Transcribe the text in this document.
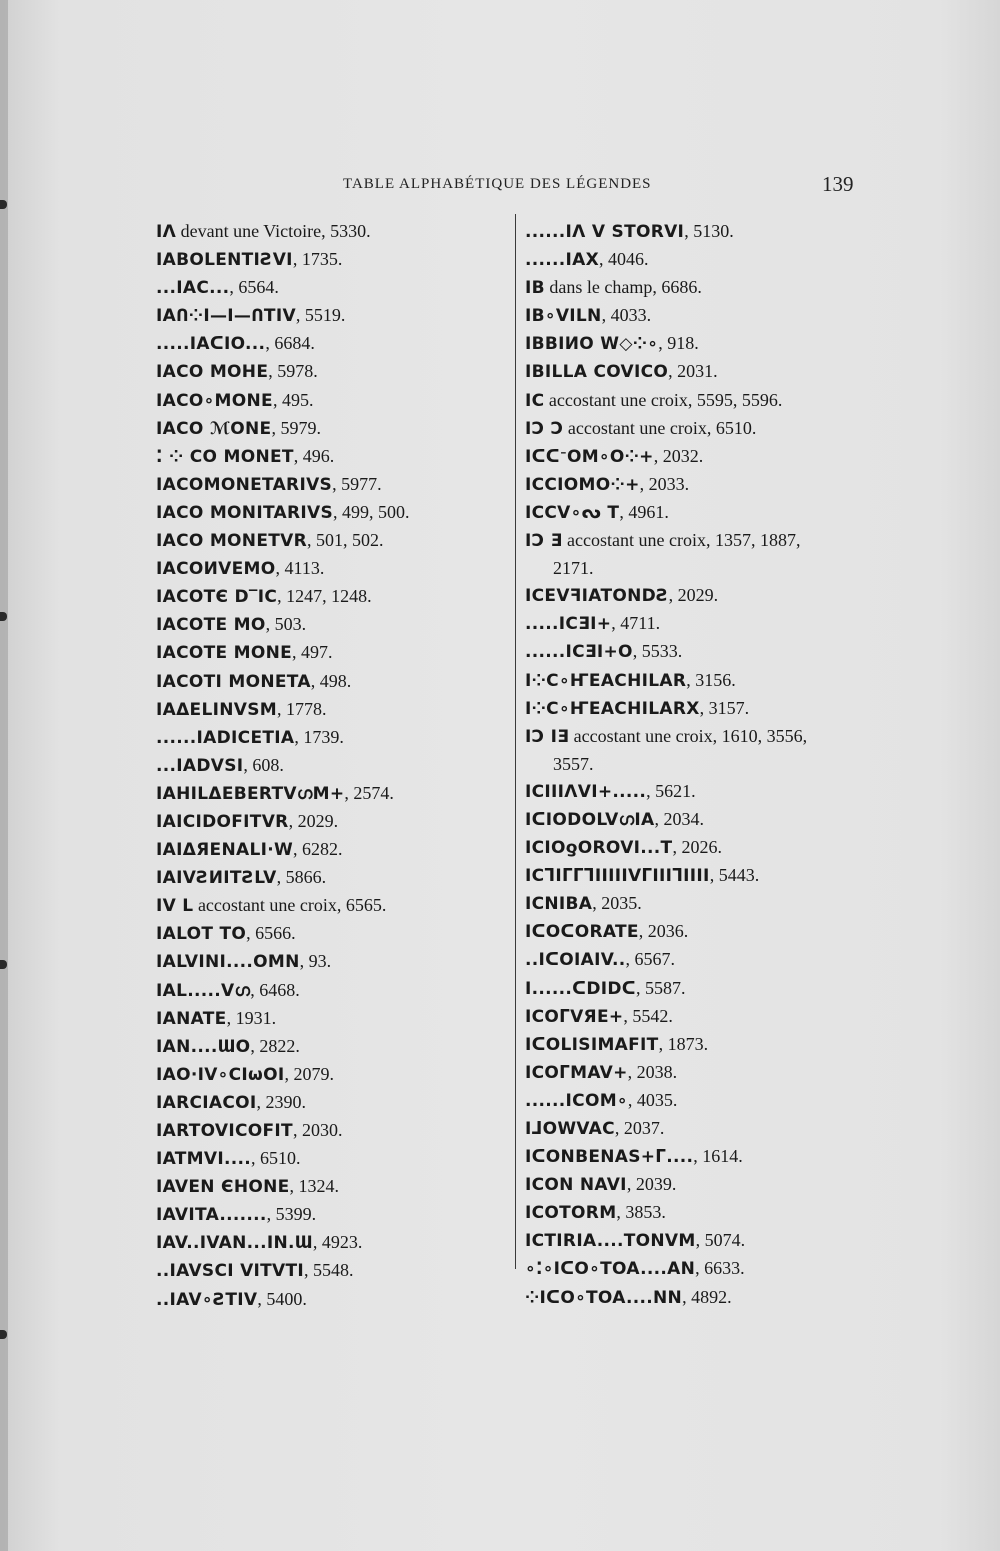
TABLE ALPHABÉTIQUE DES LÉGENDES	139

IΛ devant une Victoire, 5330.

IABOLENTIƧVI, 1735.

...IAC..., 6564.

IAՈ⁘I—I—ՈTIV, 5519.

.....IAᑕIO..., 6684.

IACO MOHE, 5978.

IACO∘MONE, 495.

IACO ℳONE, 5979.

⁚ ⁘ CO MONET, 496.

IACOMONETARIVS, 5977.

IACO MONITARIVS, 499, 500.

IACO MONETVR, 501, 502.

IACOИVEMO, 4113.

IACOTЄ D‾IC, 1247, 1248.

IACOTE MO, 503.

IACOTE MONE, 497.

IACOTI MONETA, 498.

IAΔELINVSM, 1778.

......IADICETIA, 1739.

...IADVSI, 608.

IAHILΔEBERTVഗM+, 2574.

IAICIDOFITVR, 2029.

IAIΔЯENALI·W, 6282.

IAIVƧИITƧLV, 5866.

IV L accostant une croix, 6565.

IALOT TO, 6566.

IALVINI....OMN, 93.

IAL.....Vഗ, 6468.

IANATE, 1931.

IAN....ƜO, 2822.

IAO·IV∘CIωOI, 2079.

IARCIACOI, 2390.

IARTOVICOFIT, 2030.

IATMVI...., 6510.

IAVEN ЄHONE, 1324.

IAVITA......., 5399.

IAV..IVAN...IN.Ɯ, 4923.

..IAVSCI VITVTI, 5548.

..IAV∘ƧTIV, 5400.

......IΛ V STORVI, 5130.

......IAX, 4046.

IB dans le champ, 6686.

IB∘VILN, 4033.

IBBIИO W◇⁘∘, 918.

IBILLA COVICO, 2031.

IC accostant une croix, 5595, 5596.

IƆ Ɔ accostant une croix, 6510.

IᑕᑕᐨOM∘O⁘+, 2032.

ICCIOMO⁘+, 2033.

ICCV∘ᔓ T, 4961.

IƆ Ǝ accostant une croix, 1357, 1887,

2171.

ICEVꟻIATONDƧ, 2029.

.....ICƎI+, 4711.

......ICƎI+O, 5533.

I⁘C∘ҤEACHILAR, 3156.

I⁘C∘ҤEACHILARX, 3157.

IƆ IƎ accostant une croix, 1610, 3556,

3557.

ICIIIΛVI+....., 5621.

IᑕIODOLVഗIA, 2034.

ICIOƍOROVI...T, 2026.

ICᒣIᒥᒥᒣIIIIIVᒥIIIᒣIIII, 5443.

ICNIBA, 2035.

IᑕOᑕORATE, 2036.

..IᑕOIAIV.., 6567.

I......ᑕDIDᑕ, 5587.

ICOᒥVЯE+, 5542.

IᑕOLISIMAFIT, 1873.

ICOᒥMAV+, 2038.

......ICOM∘, 4035.

IᒧOWVAC, 2037.

IᑕONBENAS+ᒥ...., 1614.

ICON NAVI, 2039.

ICOTORM, 3853.

ICTIRIA....TONVM, 5074.

∘⁚∘IᑕO∘TOA....AN, 6633.

⁘IᑕO∘TOA....NN, 4892.
